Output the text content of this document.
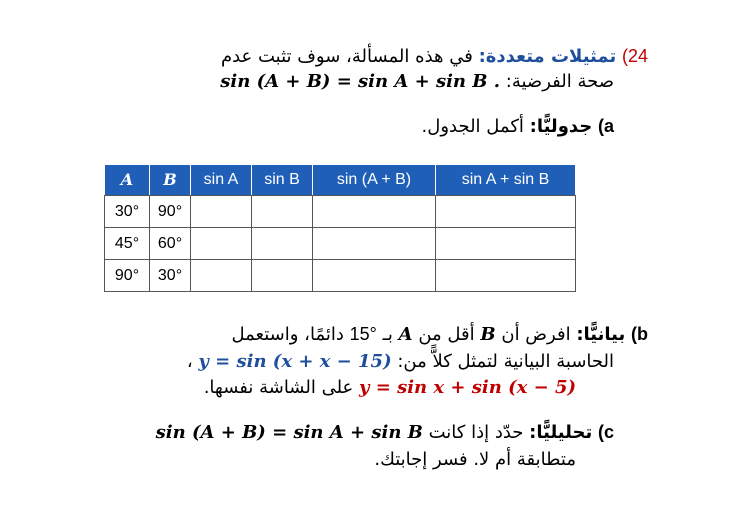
24) تمثيلات متعددة: في هذه المسألة، سوف تثبت عدم
صحة الفرضية: sin (A + B) = sin A + sin B .
a) جدوليًّا: أكمل الجدول.
A	B	sin A	sin B	sin (A + B)	sin A + sin B
30°	90°				
45°	60°				
90°	30°				
b) بيانيًّا: افرض أن B أقل من A بـ 15° دائمًا، واستعمل
الحاسبة البيانية لتمثل كلاًّ من: y = sin (x + x − 15) ،
y = sin x + sin (x − 5) على الشاشة نفسها.
c) تحليليًّا: حدّد إذا كانت sin (A + B) = sin A + sin B
متطابقة أم لا. فسر إجابتك.
